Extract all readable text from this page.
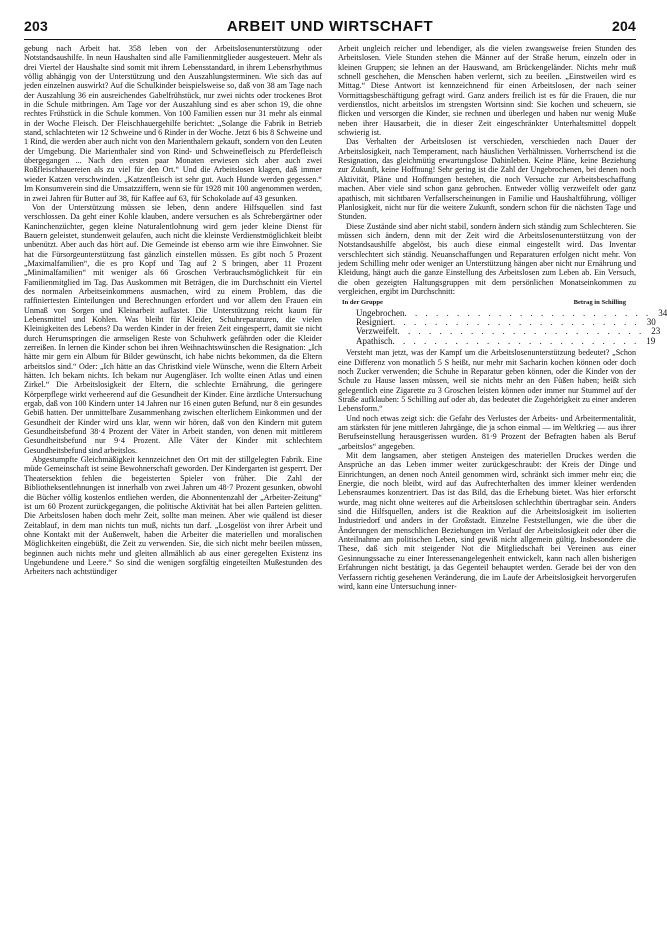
203	ARBEIT UND WIRTSCHAFT	204

gebung nach Arbeit hat. 358 leben von der Arbeitslosenunterstützung oder Notstandsaushilfe. In neun Haushalten sind alle Familienmitglieder ausgesteuert. Mehr als drei Viertel der Haushalte sind somit mit ihrem Lebensstandard, in ihrem Lebensrhythmus völlig abhängig von der Unterstützung und den Auszahlungsterminen. Wie sich das auf jeden einzelnen auswirkt? Auf die Schulkinder beispielsweise so, daß von 38 am Tage nach der Auszahlung 36 ein ausreichendes Gabelfrühstück, nur zwei nichts oder trockenes Brot in die Schule mitbringen. Am Tage vor der Auszahlung sind es aber schon 19, die ohne rechtes Frühstück in die Schule kommen. Von 100 Familien essen nur 31 mehr als einmal in der Woche Fleisch. Der Fleischhauergehilfe berichtet: „Solange die Fabrik in Betrieb stand, schlachteten wir 12 Schweine und 6 Rinder in der Woche. Jetzt 6 bis 8 Schweine und 1 Rind, die werden aber auch nicht von den Marienthalern gekauft, sondern von den Leuten der Umgebung. Die Marienthaler sind von Rind- und Schweinefleisch zu Pferdefleisch übergegangen ... Nach den ersten paar Monaten erwiesen sich aber auch zwei Roßfleischhauereien als zu viel für den Ort.“ Und die Arbeitslosen klagen, daß immer wieder Katzen verschwinden. „Katzenfleisch ist sehr gut. Auch Hunde werden gegessen.“ Im Konsumverein sind die Umsatzziffern, wenn sie für 1928 mit 100 angenommen werden, in zwei Jahren für Butter auf 38, für Kaffee auf 63, für Schokolade auf 43 gesunken.

Von der Unterstützung müssen sie leben, denn andere Hilfsquellen sind fast verschlossen. Da geht einer Kohle klauben, andere versuchen es als Schrebergärtner oder Kaninchenzüchter, gegen kleine Naturalentlohnung wird gern jeder kleine Dienst für Bauern geleistet, stundenweit gelaufen, auch nicht die kleinste Verdienstmöglichkeit bleibt unbenützt. Aber auch das hört auf. Die Gemeinde ist ebenso arm wie ihre Einwohner. Sie hat die Fürsorgeunterstützung fast gänzlich einstellen müssen. Es gibt noch 5 Prozent „Maximalfamilien“, die es pro Kopf und Tag auf 2 S bringen, aber 11 Prozent „Minimalfamilien“ mit weniger als 66 Groschen Verbrauchsmöglichkeit für ein Familienmitglied im Tag. Das Auskommen mit Beträgen, die im Durchschnitt ein Viertel des normalen Arbeitseinkommens ausmachen, wird zu einem Problem, das die raffiniertesten Einteilungen und Berechnungen erfordert und vor allem den Frauen ein Unmaß von Sorgen und Kleinarbeit auflastet. Die Unterstützung reicht kaum für Lebensmittel und Kohlen. Was bleibt für Kleider, Schuhreparaturen, die vielen Kleinigkeiten des Lebens? Da werden Kinder in der freien Zeit eingesperrt, damit sie nicht durch Herumspringen die armseligen Reste von Schuhwerk gefährden oder die Kleider zerreißen. In lernen die Kinder schon bei ihren Weihnachtswünschen die Resignation: „Ich hätte mir gern ein Album für Bilder gewünscht, ich habe nichts bekommen, da die Eltern arbeitslos sind.“ Oder: „Ich hätte an das Christkind viele Wünsche, wenn die Eltern Arbeit hätten. Ich bekam nichts. Ich bekam nur Augengläser. Ich wollte einen Atlas und einen Zirkel.“ Die Arbeitslosigkeit der Eltern, die schlechte Ernährung, die geringere Körperpflege wirkt verheerend auf die Gesundheit der Kinder. Eine ärztliche Untersuchung ergab, daß von 100 Kindern unter 14 Jahren nur 16 einen guten Befund, nur 8 ein gesundes Gebiß hatten. Der unmittelbare Zusammenhang zwischen elterlichem Einkommen und der Gesundheit der Kinder wird uns klar, wenn wir hören, daß von den Kindern mit gutem Gesundheitsbefund 38·4 Prozent der Väter in Arbeit standen, von denen mit mittlerem Gesundheitsbefund nur 9·4 Prozent. Alle Väter der Kinder mit schlechtem Gesundheitsbefund sind arbeitslos.

Abgestumpfte Gleichmäßigkeit kennzeichnet den Ort mit der stillgelegten Fabrik. Eine müde Gemeinschaft ist seine Bewohnerschaft geworden. Der Kindergarten ist gesperrt. Der Theatersektion fehlen die begeisterten Spieler von früher. Die Zahl der Bibliotheksentlehnungen ist innerhalb von zwei Jahren um 48·7 Prozent gesunken, obwohl die Bücher völlig kostenlos entliehen werden, die Abonnentenzahl der „Arbeiter-Zeitung“ ist um 60 Prozent zurückgegangen, die politische Aktivität hat bei allen Parteien gelitten. Die Arbeitslosen haben doch mehr Zeit, sollte man meinen. Aber wie quälend ist dieser Zeitablauf, in dem man nichts tun muß, nichts tun darf. „Losgelöst von ihrer Arbeit und ohne Kontakt mit der Außenwelt, haben die Arbeiter die materiellen und moralischen Möglichkeiten eingebüßt, die Zeit zu verwenden. Sie, die sich nicht mehr beeilen müssen, beginnen auch nichts mehr und gleiten allmählich ab aus einer geregelten Existenz ins Ungebundene und Leere.“ So sind die wenigen sorgfältig eingeteilten Mußestunden des Arbeiters nach achtstündiger

Arbeit ungleich reicher und lebendiger, als die vielen zwangsweise freien Stunden des Arbeitslosen. Viele Stunden stehen die Männer auf der Straße herum, einzeln oder in kleinen Gruppen; sie lehnen an der Hauswand, am Brückengeländer. Nichts mehr muß schnell geschehen, die Menschen haben verlernt, sich zu beeilen. „Einstweilen wird es Mittag.“ Diese Antwort ist kennzeichnend für einen Arbeitslosen, der nach seiner Vormittagsbeschäftigung gefragt wird. Ganz anders freilich ist es für die Frauen, die nur verdienstlos, nicht arbeitslos im strengsten Wortsinn sind: Sie kochen und scheuern, sie flicken und versorgen die Kinder, sie rechnen und überlegen und haben nur wenig Muße neben ihrer Hausarbeit, die in dieser Zeit eingeschränkter Unterhaltsmittel doppelt schwierig ist.

Das Verhalten der Arbeitslosen ist verschieden, verschieden nach Dauer der Arbeitslosigkeit, nach Temperament, nach häuslichen Verhältnissen. Vorherrschend ist die Resignation, das gleichmütig erwartungslose Dahinleben. Keine Pläne, keine Beziehung zur Zukunft, keine Hoffnung! Sehr gering ist die Zahl der Ungebrochenen, bei denen noch Aktivität, Pläne und Hoffnungen bestehen, die noch Versuche zur Arbeitsbeschaffung machen. Aber viele sind schon ganz gebrochen. Entweder völlig verzweifelt oder ganz apathisch, mit sichtbaren Verfallserscheinungen in Familie und Haushaltführung, völliger Planlosigkeit, nicht nur für die weitere Zukunft, sondern schon für die nächsten Tage und Stunden.

Diese Zustände sind aber nicht stabil, sondern ändern sich ständig zum Schlechteren. Sie müssen sich ändern, denn mit der Zeit wird die Arbeitslosenunterstützung von der Notstandsaushilfe abgelöst, bis auch diese einmal eingestellt wird. Das Inventar verschlechtert sich ständig. Neuanschaffungen und Reparaturen erfolgen nicht mehr. Von jedem Schilling mehr oder weniger an Unterstützung hängen aber nicht nur Ernährung und Kleidung, hängt auch die ganze Einstellung des Arbeitslosen zum Leben ab. Ein Versuch, die oben gezeigten Haltungsgruppen mit dem persönlichen Monatseinkommen zu vergleichen, ergibt im Durchschnitt:

In der Gruppe	Betrag in Schilling
Ungebrochen . . . . . . . . . . . . . . . . . . . . . . . . 34
Resigniert . . . . . . . . . . . . . . . . . . . . . . . . 30
Verzweifelt . . . . . . . . . . . . . . . . . . . . . . . . 23
Apathisch . . . . . . . . . . . . . . . . . . . . . . . . 19

Versteht man jetzt, was der Kampf um die Arbeitslosenunterstützung bedeutet? „Schon eine Differenz von monatlich 5 S heißt, nur mehr mit Sacharin kochen können oder doch noch Zucker verwenden; die Schuhe in Reparatur geben können, oder die Kinder von der Schule zu Hause lassen müssen, weil sie nichts mehr an den Füßen haben; heißt sich gelegentlich eine Zigarette zu 3 Groschen leisten können oder immer nur Stummel auf der Straße aufklauben: 5 Schilling auf oder ab, das bedeutet die Zugehörigkeit zu einer anderen Lebensform.“

Und noch etwas zeigt sich: die Gefahr des Verlustes der Arbeits- und Arbeitermentalität, am stärksten für jene mittleren Jahrgänge, die ja schon einmal — im Weltkrieg — aus ihrer Berufseinstellung herausgerissen wurden. 81·9 Prozent der Befragten haben als Beruf „arbeitslos“ angegeben.

Mit dem langsamen, aber stetigen Ansteigen des materiellen Druckes werden die Ansprüche an das Leben immer weiter zurückgeschraubt: der Kreis der Dinge und Einrichtungen, an denen noch Anteil genommen wird, schränkt sich immer mehr ein; die Energie, die noch bleibt, wird auf das Aufrechterhalten des immer kleiner werdenden Lebensraumes konzentriert. Das ist das Bild, das die Erhebung bietet. Was hier erforscht wurde, mag nicht ohne weiteres auf die Arbeitslosen schlechthin übertragbar sein. Anders sind die Hilfsquellen, anders ist die Reaktion auf die Arbeitslosigkeit im isolierten Industriedorf und anders in der Großstadt. Einzelne Feststellungen, wie die über die Änderungen der menschlichen Beziehungen im Verlauf der Arbeitslosigkeit oder über die Anteilnahme am politischen Leben, sind gewiß nicht allgemein gültig. Insbesondere die These, daß sich mit steigender Not die Mitgliedschaft bei Vereinen aus einer Gesinnungssache zu einer Interessenangelegenheit entwickelt, kann nach allen bisherigen Erfahrungen nicht bestätigt, ja das Gegenteil behauptet werden. Gerade bei der von den Verfassern richtig gesehenen Veränderung, die im Laufe der Arbeitslosigkeit hervorgerufen wird, kann eine Untersuchung inner-
